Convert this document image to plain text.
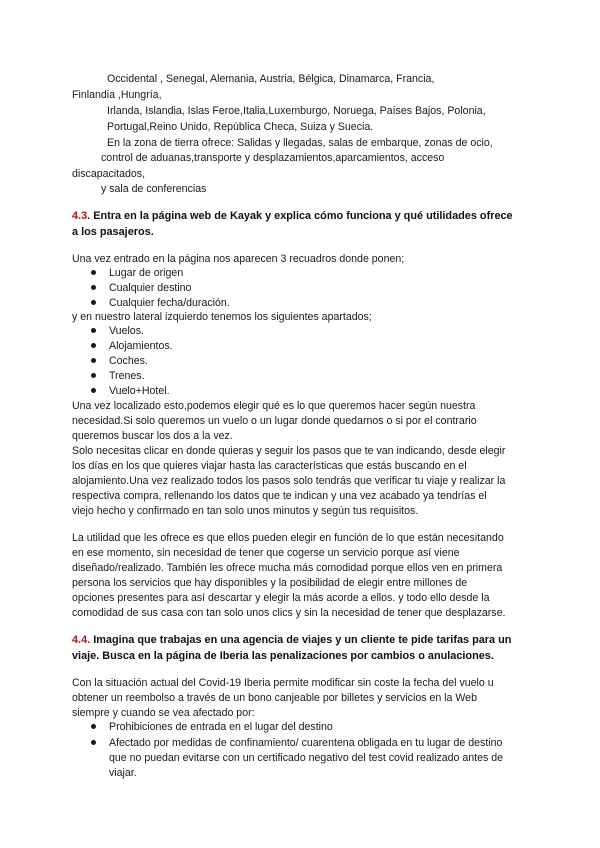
Occidental , Senegal, Alemania, Austria, Bélgica, Dinamarca, Francia,
Finlandia ,Hungría,
Irlanda, Islandia, Islas Feroe,Italia,Luxemburgo, Noruega, Países Bajos, Polonia,
Portugal,Reino Unido, República Checa, Suiza y Suecia.
En la zona de tierra ofrece: Salidas y llegadas, salas de embarque, zonas de ocio,
control de aduanas,transporte y desplazamientos,aparcamientos, acceso
discapacitados,
y sala de conferencias
4.3. Entra en la página web de Kayak y explica cómo funciona y qué utilidades ofrece
a los pasajeros.
Una vez entrado en la página nos aparecen 3 recuadros donde ponen;
Lugar de origen
Cualquier destino
Cualquier fecha/duración.
y en nuestro lateral izquierdo tenemos los siguientes apartados;
Vuelos.
Alojamientos.
Coches.
Trenes.
Vuelo+Hotel.
Una vez localizado esto,podemos elegir qué es lo que queremos hacer según nuestra
necesidad.Si solo queremos un vuelo o un lugar donde quedarnos o si por el contrario
queremos buscar los dos a la vez.
Solo necesitas clicar en donde quieras y seguir los pasos que te van indicando, desde elegir
los días en los que quieres viajar hasta las características que estás buscando en el
alojamiento.Una vez realizado todos los pasos solo tendrás que verificar tu viaje y realizar la
respectiva compra, rellenando los datos que te indican y una vez acabado ya tendrías el
viejo hecho y confirmado en tan solo unos minutos y según tus requisitos.
La utilidad que les ofrece es que ellos pueden elegir en función de lo que están necesitando
en ese momento, sin necesidad de tener que cogerse un servicio porque así viene
diseñado/realizado. También les ofrece mucha más comodidad porque ellos ven en primera
persona los servicios que hay disponibles y la posibilidad de elegir entre millones de
opciones presentes para así descartar y elegir la más acorde a ellos. y todo ello desde la
comodidad de sus casa con tan solo unos clics y sin la necesidad de tener que desplazarse.
4.4. Imagina que trabajas en una agencia de viajes y un cliente te pide tarifas para un
viaje. Busca en la página de Iberia las penalizaciones por cambios o anulaciones.
Con la situación actual del Covid-19 Iberia permite modificar sin coste la fecha del vuelo u
obtener un reembolso a través de un bono canjeable por billetes y servicios en la Web
siempre y cuando se vea afectado por:
Prohibiciones de entrada en el lugar del destino
Afectado por medidas de confinamiento/ cuarentena obligada en tu lugar de destino
que no puedan evitarse con un certificado negativo del test covid realizado antes de
viajar.
